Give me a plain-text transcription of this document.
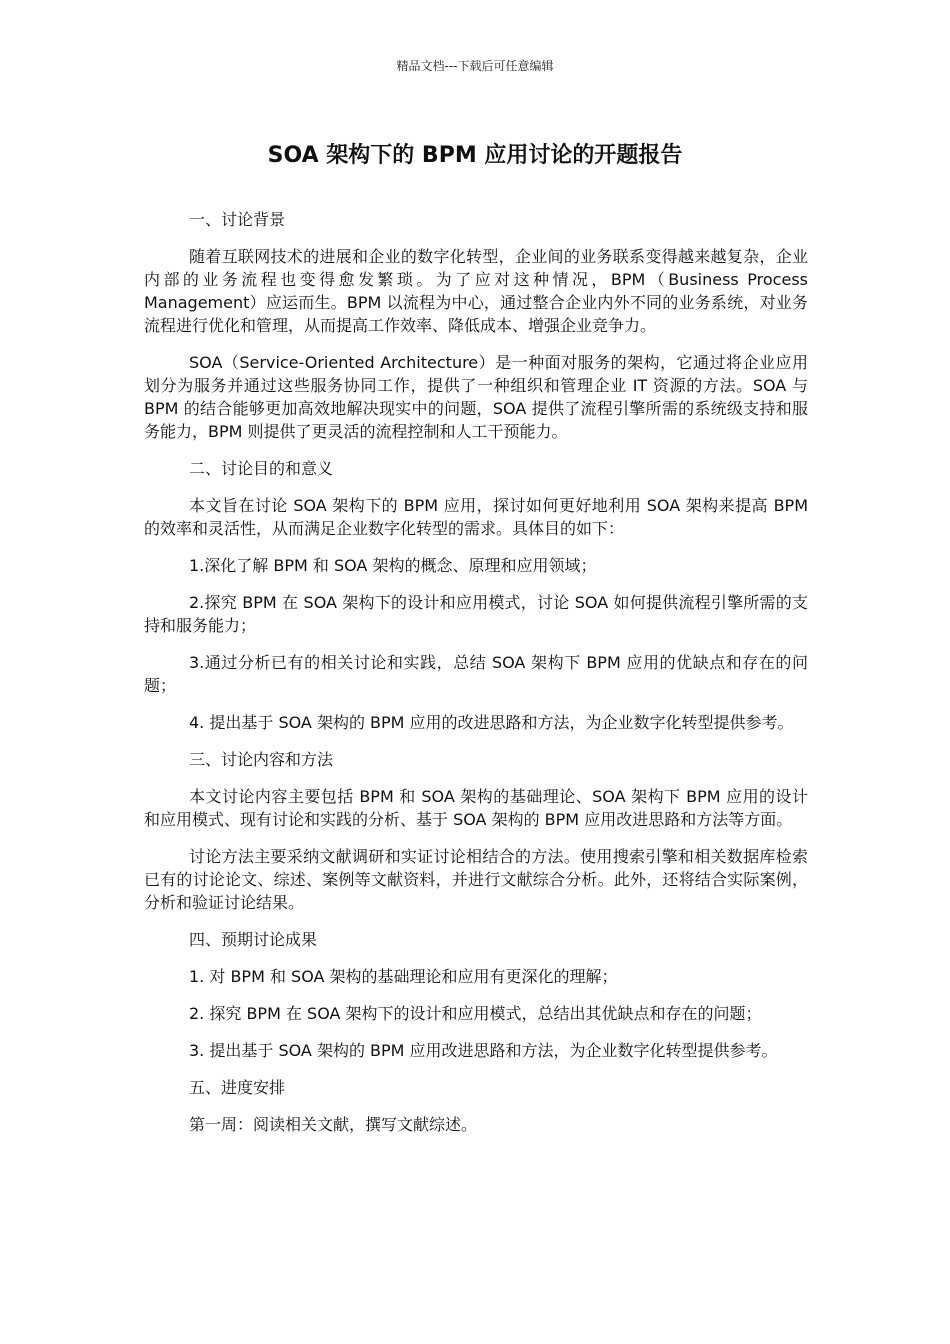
精品文档---下载后可任意编辑
SOA 架构下的 BPM 应用讨论的开题报告

一、讨论背景

随着互联网技术的进展和企业的数字化转型，企业间的业务联系变得越来越复杂，企业内部的业务流程也变得愈发繁琐。为了应对这种情况，BPM（Business Process Management）应运而生。BPM 以流程为中心，通过整合企业内外不同的业务系统，对业务流程进行优化和管理，从而提高工作效率、降低成本、增强企业竞争力。

SOA（Service-Oriented Architecture）是一种面对服务的架构，它通过将企业应用划分为服务并通过这些服务协同工作，提供了一种组织和管理企业 IT 资源的方法。SOA 与 BPM 的结合能够更加高效地解决现实中的问题，SOA 提供了流程引擎所需的系统级支持和服务能力，BPM 则提供了更灵活的流程控制和人工干预能力。

二、讨论目的和意义

本文旨在讨论 SOA 架构下的 BPM 应用，探讨如何更好地利用 SOA 架构来提高 BPM 的效率和灵活性，从而满足企业数字化转型的需求。具体目的如下：

1.深化了解 BPM 和 SOA 架构的概念、原理和应用领域；

2.探究 BPM 在 SOA 架构下的设计和应用模式，讨论 SOA 如何提供流程引擎所需的支持和服务能力；

3.通过分析已有的相关讨论和实践，总结 SOA 架构下 BPM 应用的优缺点和存在的问题；

4. 提出基于 SOA 架构的 BPM 应用的改进思路和方法，为企业数字化转型提供参考。

三、讨论内容和方法

本文讨论内容主要包括 BPM 和 SOA 架构的基础理论、SOA 架构下 BPM 应用的设计和应用模式、现有讨论和实践的分析、基于 SOA 架构的 BPM 应用改进思路和方法等方面。

讨论方法主要采纳文献调研和实证讨论相结合的方法。使用搜索引擎和相关数据库检索已有的讨论论文、综述、案例等文献资料，并进行文献综合分析。此外，还将结合实际案例，分析和验证讨论结果。

四、预期讨论成果

1. 对 BPM 和 SOA 架构的基础理论和应用有更深化的理解；

2. 探究 BPM 在 SOA 架构下的设计和应用模式，总结出其优缺点和存在的问题；

3. 提出基于 SOA 架构的 BPM 应用改进思路和方法，为企业数字化转型提供参考。

五、进度安排

第一周：阅读相关文献，撰写文献综述。
